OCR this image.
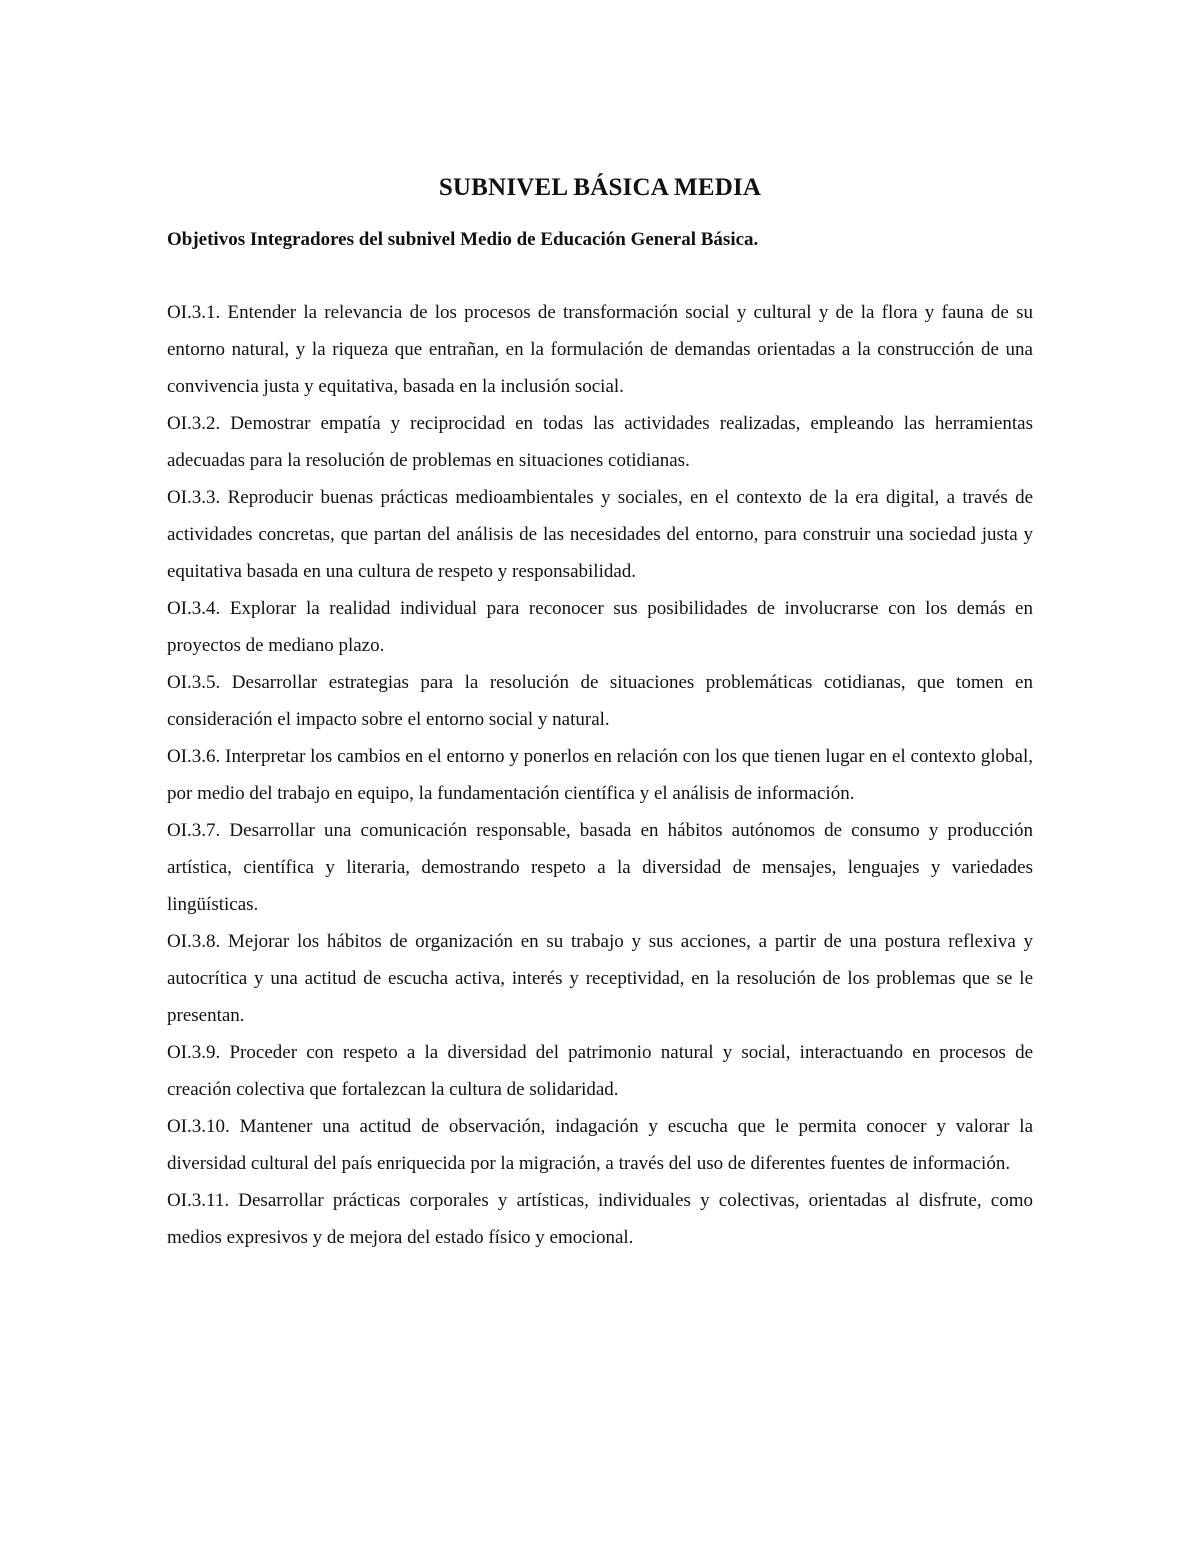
SUBNIVEL BÁSICA MEDIA

Objetivos Integradores del subnivel Medio de Educación General Básica.

OI.3.1. Entender la relevancia de los procesos de transformación social y cultural y de la flora y fauna de su entorno natural, y la riqueza que entrañan, en la formulación de demandas orientadas a la construcción de una convivencia justa y equitativa, basada en la inclusión social.

OI.3.2. Demostrar empatía y reciprocidad en todas las actividades realizadas, empleando las herramientas adecuadas para la resolución de problemas en situaciones cotidianas.

OI.3.3. Reproducir buenas prácticas medioambientales y sociales, en el contexto de la era digital, a través de actividades concretas, que partan del análisis de las necesidades del entorno, para construir una sociedad justa y equitativa basada en una cultura de respeto y responsabilidad.

OI.3.4. Explorar la realidad individual para reconocer sus posibilidades de involucrarse con los demás en proyectos de mediano plazo.

OI.3.5. Desarrollar estrategias para la resolución de situaciones problemáticas cotidianas, que tomen en consideración el impacto sobre el entorno social y natural.

OI.3.6. Interpretar los cambios en el entorno y ponerlos en relación con los que tienen lugar en el contexto global, por medio del trabajo en equipo, la fundamentación científica y el análisis de información.

OI.3.7. Desarrollar una comunicación responsable, basada en hábitos autónomos de consumo y producción artística, científica y literaria, demostrando respeto a la diversidad de mensajes, lenguajes y variedades lingüísticas.

OI.3.8. Mejorar los hábitos de organización en su trabajo y sus acciones, a partir de una postura reflexiva y autocrítica y una actitud de escucha activa, interés y receptividad, en la resolución de los problemas que se le presentan.

OI.3.9. Proceder con respeto a la diversidad del patrimonio natural y social, interactuando en procesos de creación colectiva que fortalezcan la cultura de solidaridad.

OI.3.10. Mantener una actitud de observación, indagación y escucha que le permita conocer y valorar la diversidad cultural del país enriquecida por la migración, a través del uso de diferentes fuentes de información.

OI.3.11. Desarrollar prácticas corporales y artísticas, individuales y colectivas, orientadas al disfrute, como medios expresivos y de mejora del estado físico y emocional.
